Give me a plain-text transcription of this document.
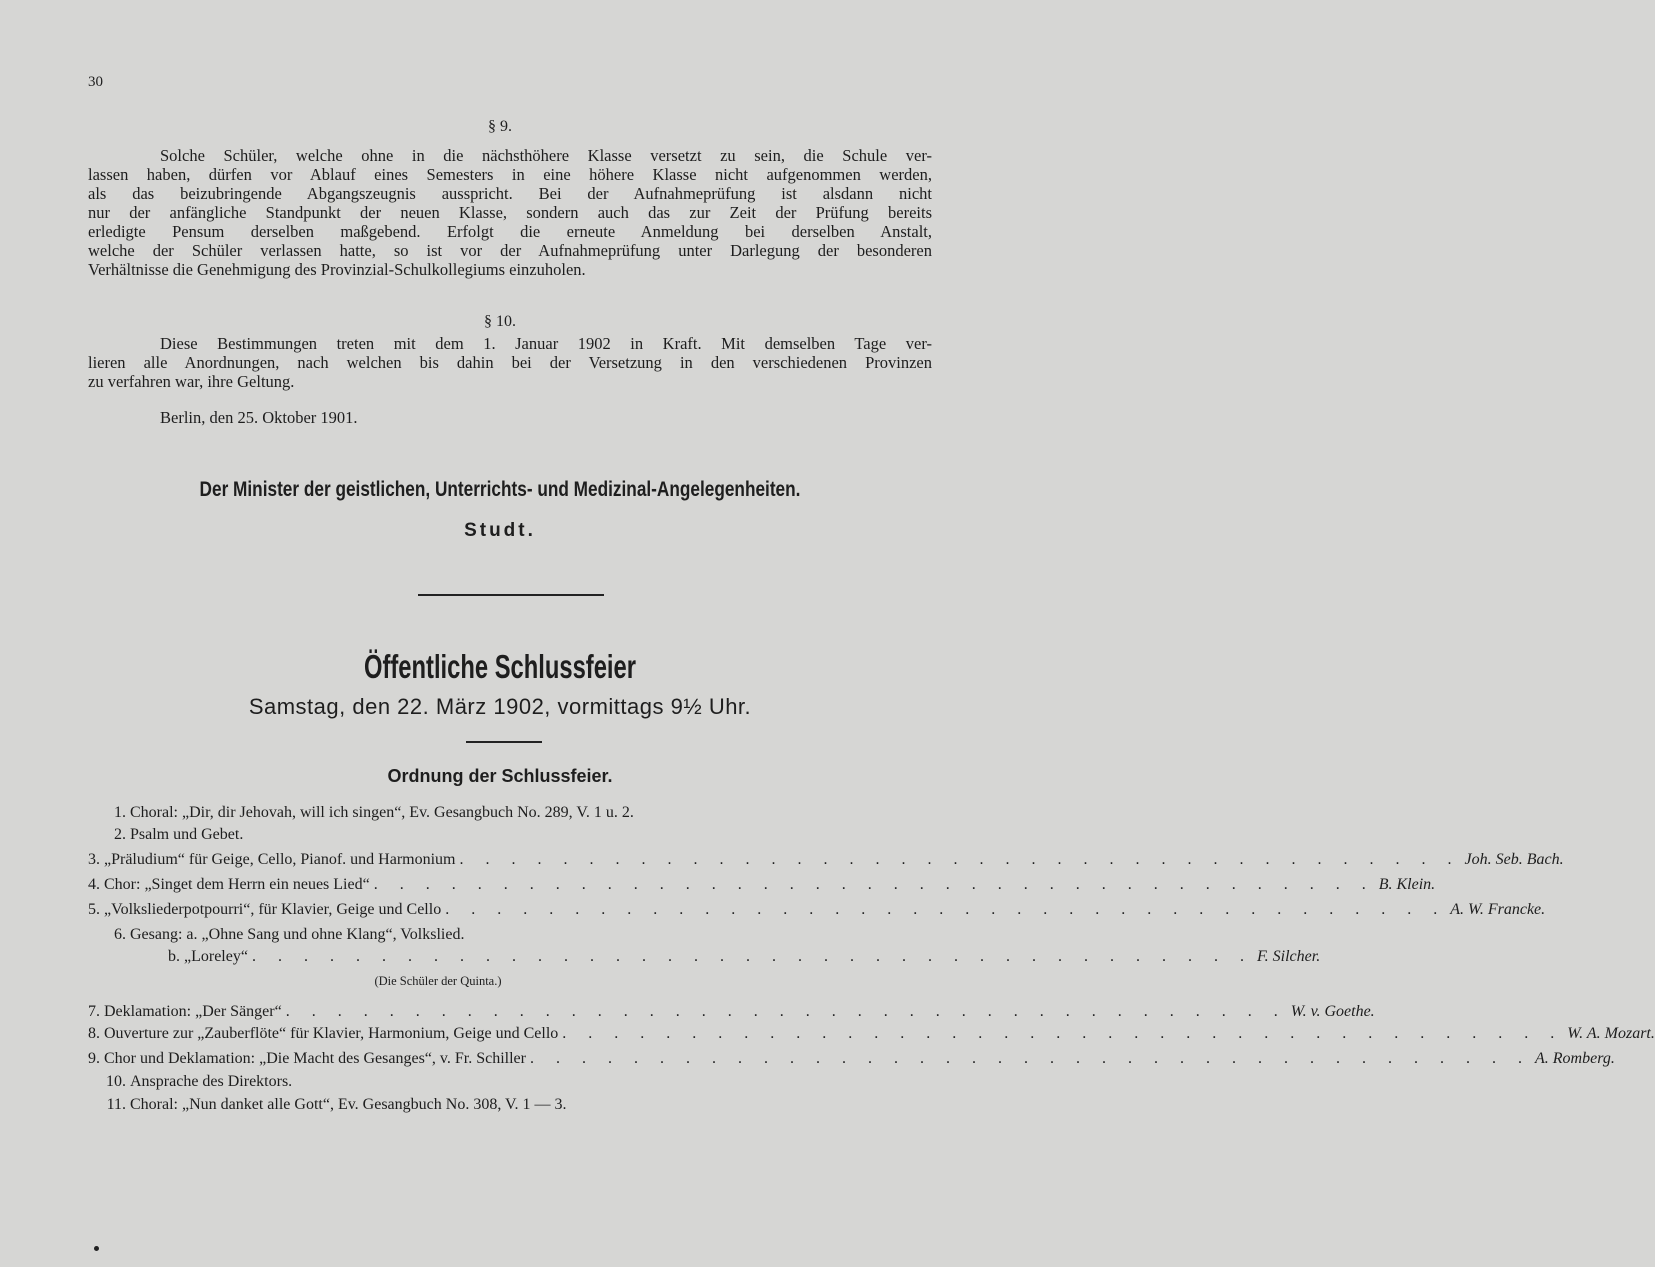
30
§ 9.
Solche Schüler, welche ohne in die nächsthöhere Klasse versetzt zu sein, die Schule ver-
lassen haben, dürfen vor Ablauf eines Semesters in eine höhere Klasse nicht aufgenommen werden,
als das beizubringende Abgangszeugnis ausspricht. Bei der Aufnahmeprüfung ist alsdann nicht
nur der anfängliche Standpunkt der neuen Klasse, sondern auch das zur Zeit der Prüfung bereits
erledigte Pensum derselben maßgebend. Erfolgt die erneute Anmeldung bei derselben Anstalt,
welche der Schüler verlassen hatte, so ist vor der Aufnahmeprüfung unter Darlegung der besonderen
Verhältnisse die Genehmigung des Provinzial-Schulkollegiums einzuholen.
§ 10.
Diese Bestimmungen treten mit dem 1. Januar 1902 in Kraft. Mit demselben Tage ver-
lieren alle Anordnungen, nach welchen bis dahin bei der Versetzung in den verschiedenen Provinzen
zu verfahren war, ihre Geltung.
Berlin, den 25. Oktober 1901.
Der Minister der geistlichen, Unterrichts- und Medizinal-Angelegenheiten.
Studt.
Öffentliche Schlussfeier
Samstag, den 22. März 1902, vormittags 9½ Uhr.
Ordnung der Schlussfeier.
1. Choral: „Dir, dir Jehovah, will ich singen“, Ev. Gesangbuch No. 289, V. 1 u. 2.
2. Psalm und Gebet.
3. „Präludium“ für Geige, Cello, Pianof. und Harmonium . . . . . . . . . . . . . . . . . . . . . . . . . . . . . . . . . . . . . . . Joh. Seb. Bach.
4. Chor: „Singet dem Herrn ein neues Lied“ . . . . . . . . . . . . . . . . . . . . . . . . . . . . . . . . . . . . . . . B. Klein.
5. „Volksliederpotpourri“, für Klavier, Geige und Cello . . . . . . . . . . . . . . . . . . . . . . . . . . . . . . . . . . . . . . . A. W. Francke.
6. Gesang: a. „Ohne Sang und ohne Klang“, Volkslied.
b. „Loreley“ . . . . . . . . . . . . . . . . . . . . . . . . . . . . . . . . . . . . . . . F. Silcher.
7. Deklamation: „Der Sänger“ . . . . . . . . . . . . . . . . . . . . . . . . . . . . . . . . . . . . . . . W. v. Goethe.
8. Ouverture zur „Zauberflöte“ für Klavier, Harmonium, Geige und Cello . . . . . . . . . . . . . . . . . . . . . . . . . . . . . . . . . . . . . . . W. A. Mozart.
9. Chor und Deklamation: „Die Macht des Gesanges“, v. Fr. Schiller . . . . . . . . . . . . . . . . . . . . . . . . . . . . . . . . . . . . . . . A. Romberg.
10. Ansprache des Direktors.
11. Choral: „Nun danket alle Gott“, Ev. Gesangbuch No. 308, V. 1 — 3.
(Die Schüler der Quinta.)
